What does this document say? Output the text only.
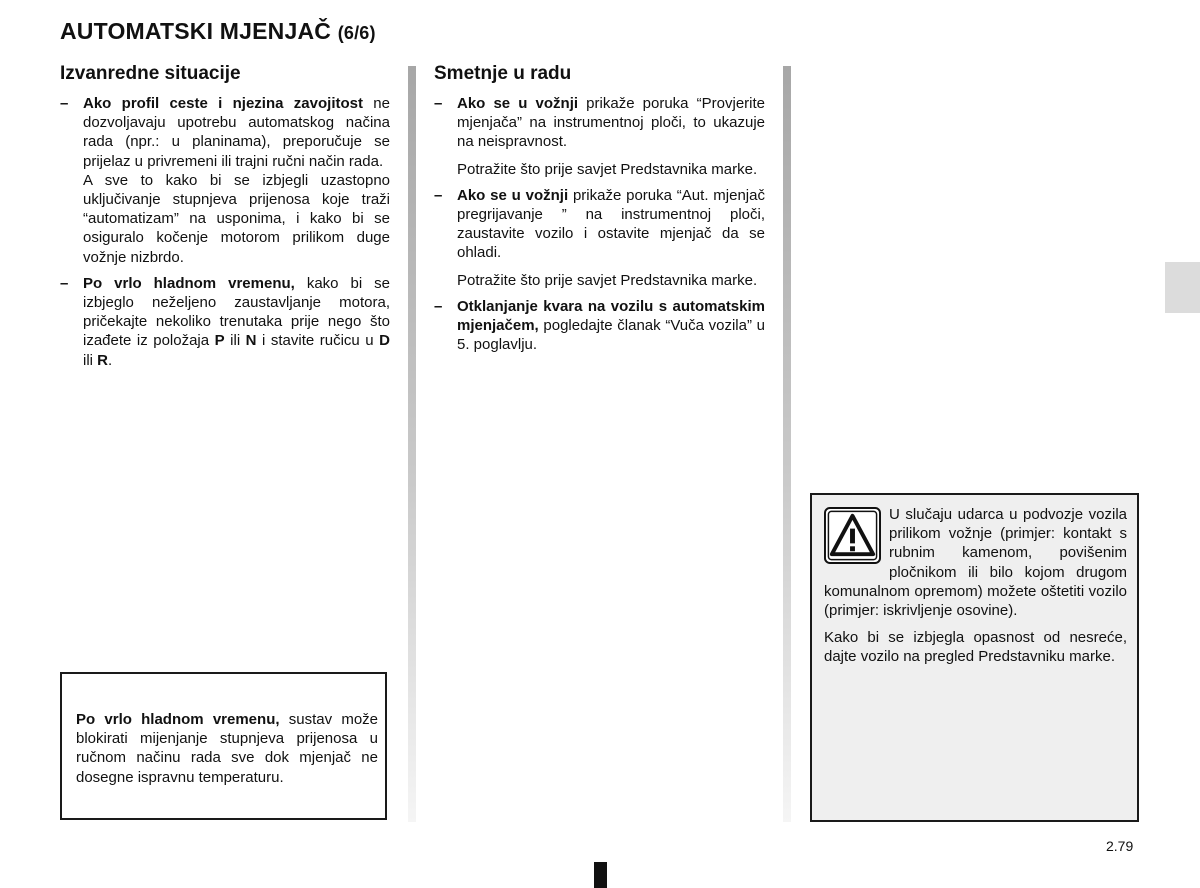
AUTOMATSKI MJENJAČ (6/6)
Izvanredne situacije
– Ako profil ceste i njezina zavojitost ne dozvoljavaju upotrebu automatskog načina rada (npr.: u planinama), preporučuje se prijelaz u privremeni ili trajni ručni način rada.
A sve to kako bi se izbjegli uzastopno uključivanje stupnjeva prijenosa koje traži “automatizam” na usponima, i kako bi se osiguralo kočenje motorom prilikom duge vožnje nizbrdo.
– Po vrlo hladnom vremenu, kako bi se izbjeglo neželjeno zaustavljanje motora, pričekajte nekoliko trenutaka prije nego što izađete iz položaja P ili N i stavite ručicu u D ili R.
Po vrlo hladnom vremenu, sustav može blokirati mijenjanje stupnjeva prijenosa u ručnom načinu rada sve dok mjenjač ne dosegne ispravnu temperaturu.
Smetnje u radu
– Ako se u vožnji prikaže poruka “Provjerite mjenjača” na instrumentnoj ploči, to ukazuje na neispravnost.
Potražite što prije savjet Predstavnika marke.
– Ako se u vožnji prikaže poruka “Aut. mjenjač pregrijavanje ” na instrumentnoj ploči, zaustavite vozilo i ostavite mjenjač da se ohladi.
Potražite što prije savjet Predstavnika marke.
– Otklanjanje kvara na vozilu s automatskim mjenjačem, pogledajte članak “Vuča vozila” u 5. poglavlju.
U slučaju udarca u podvozje vozila prilikom vožnje (primjer: kontakt s rubnim kamenom, povišenim pločnikom ili bilo kojom drugom komunalnom opremom) možete oštetiti vozilo (primjer: iskrivljenje osovine).
Kako bi se izbjegla opasnost od nesreće, dajte vozilo na pregled Predstavniku marke.
2.79
